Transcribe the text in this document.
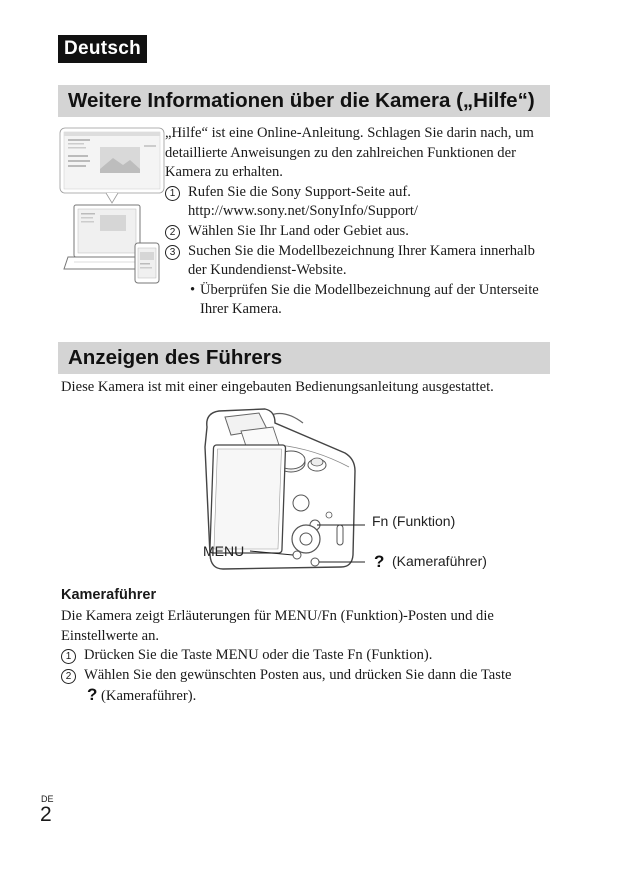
Deutsch
Weitere Informationen über die Kamera („Hilfe“)
„Hilfe“ ist eine Online-Anleitung. Schlagen Sie darin nach, um detaillierte Anweisungen zu den zahlreichen Funktionen der Kamera zu erhalten.
1 Rufen Sie die Sony Support-Seite auf.
http://www.sony.net/SonyInfo/Support/
2 Wählen Sie Ihr Land oder Gebiet aus.
3 Suchen Sie die Modellbezeichnung Ihrer Kamera innerhalb der Kundendienst-Website.
• Überprüfen Sie die Modellbezeichnung auf der Unterseite Ihrer Kamera.
Anzeigen des Führers
Diese Kamera ist mit einer eingebauten Bedienungsanleitung ausgestattet.
Fn (Funktion)
MENU
? (Kameraführer)
Kameraführer
Die Kamera zeigt Erläuterungen für MENU/Fn (Funktion)-Posten und die Einstellwerte an.
1 Drücken Sie die Taste MENU oder die Taste Fn (Funktion).
2 Wählen Sie den gewünschten Posten aus, und drücken Sie dann die Taste
? (Kameraführer).
DE
2
